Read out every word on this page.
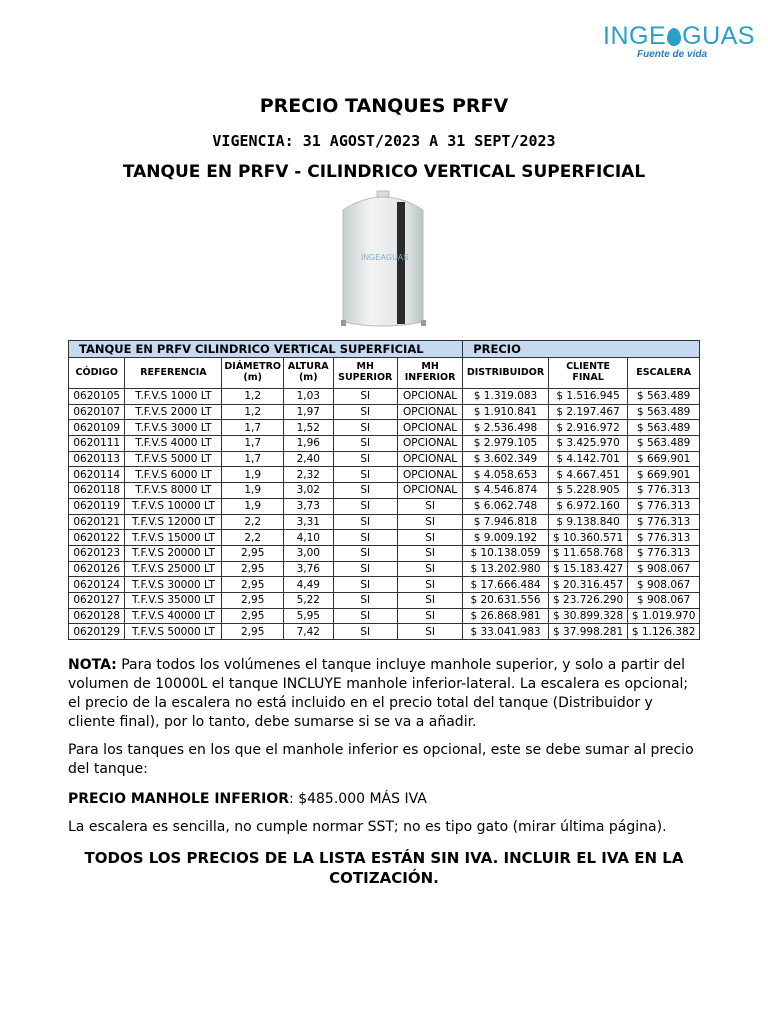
INGE GUAS
Fuente de vida
PRECIO TANQUES PRFV
VIGENCIA: 31 AGOST/2023 A 31 SEPT/2023
TANQUE EN PRFV - CILINDRICO VERTICAL SUPERFICIAL
INGEAGUAS
TANQUE EN PRFV CILINDRICO VERTICAL SUPERFICIAL						PRECIO		
CÓDIGO	REFERENCIA	DIÁMETRO (m)	ALTURA (m)	MH SUPERIOR	MH INFERIOR	DISTRIBUIDOR	CLIENTE FINAL	ESCALERA
0620105	T.F.V.S 1000 LT	1,2	1,03	SI	OPCIONAL	$ 1.319.083	$ 1.516.945	$ 563.489
0620107	T.F.V.S 2000 LT	1,2	1,97	SI	OPCIONAL	$ 1.910.841	$ 2.197.467	$ 563.489
0620109	T.F.V.S 3000 LT	1,7	1,52	SI	OPCIONAL	$ 2.536.498	$ 2.916.972	$ 563.489
0620111	T.F.V.S 4000 LT	1,7	1,96	SI	OPCIONAL	$ 2.979.105	$ 3.425.970	$ 563.489
0620113	T.F.V.S 5000 LT	1,7	2,40	SI	OPCIONAL	$ 3.602.349	$ 4.142.701	$ 669.901
0620114	T.F.V.S 6000 LT	1,9	2,32	SI	OPCIONAL	$ 4.058.653	$ 4.667.451	$ 669.901
0620118	T.F.V.S 8000 LT	1,9	3,02	SI	OPCIONAL	$ 4.546.874	$ 5.228.905	$ 776.313
0620119	T.F.V.S 10000 LT	1,9	3,73	SI	SI	$ 6.062.748	$ 6.972.160	$ 776.313
0620121	T.F.V.S 12000 LT	2,2	3,31	SI	SI	$ 7.946.818	$ 9.138.840	$ 776.313
0620122	T.F.V.S 15000 LT	2,2	4,10	SI	SI	$ 9.009.192	$ 10.360.571	$ 776.313
0620123	T.F.V.S 20000 LT	2,95	3,00	SI	SI	$ 10.138.059	$ 11.658.768	$ 776.313
0620126	T.F.V.S 25000 LT	2,95	3,76	SI	SI	$ 13.202.980	$ 15.183.427	$ 908.067
0620124	T.F.V.S 30000 LT	2,95	4,49	SI	SI	$ 17.666.484	$ 20.316.457	$ 908.067
0620127	T.F.V.S 35000 LT	2,95	5,22	SI	SI	$ 20.631.556	$ 23.726.290	$ 908.067
0620128	T.F.V.S 40000 LT	2,95	5,95	SI	SI	$ 26.868.981	$ 30.899.328	$ 1.019.970
0620129	T.F.V.S 50000 LT	2,95	7,42	SI	SI	$ 33.041.983	$ 37.998.281	$ 1.126.382
NOTA: Para todos los volúmenes el tanque incluye manhole superior, y solo a partir del volumen de 10000L el tanque INCLUYE manhole inferior-lateral. La escalera es opcional; el precio de la escalera no está incluido en el precio total del tanque (Distribuidor y cliente final), por lo tanto, debe sumarse si se va a añadir.
Para los tanques en los que el manhole inferior es opcional, este se debe sumar al precio del tanque:
PRECIO MANHOLE INFERIOR: $485.000 MÁS IVA
La escalera es sencilla, no cumple normar SST; no es tipo gato (mirar última página).
TODOS LOS PRECIOS DE LA LISTA ESTÁN SIN IVA. INCLUIR EL IVA EN LA COTIZACIÓN.
